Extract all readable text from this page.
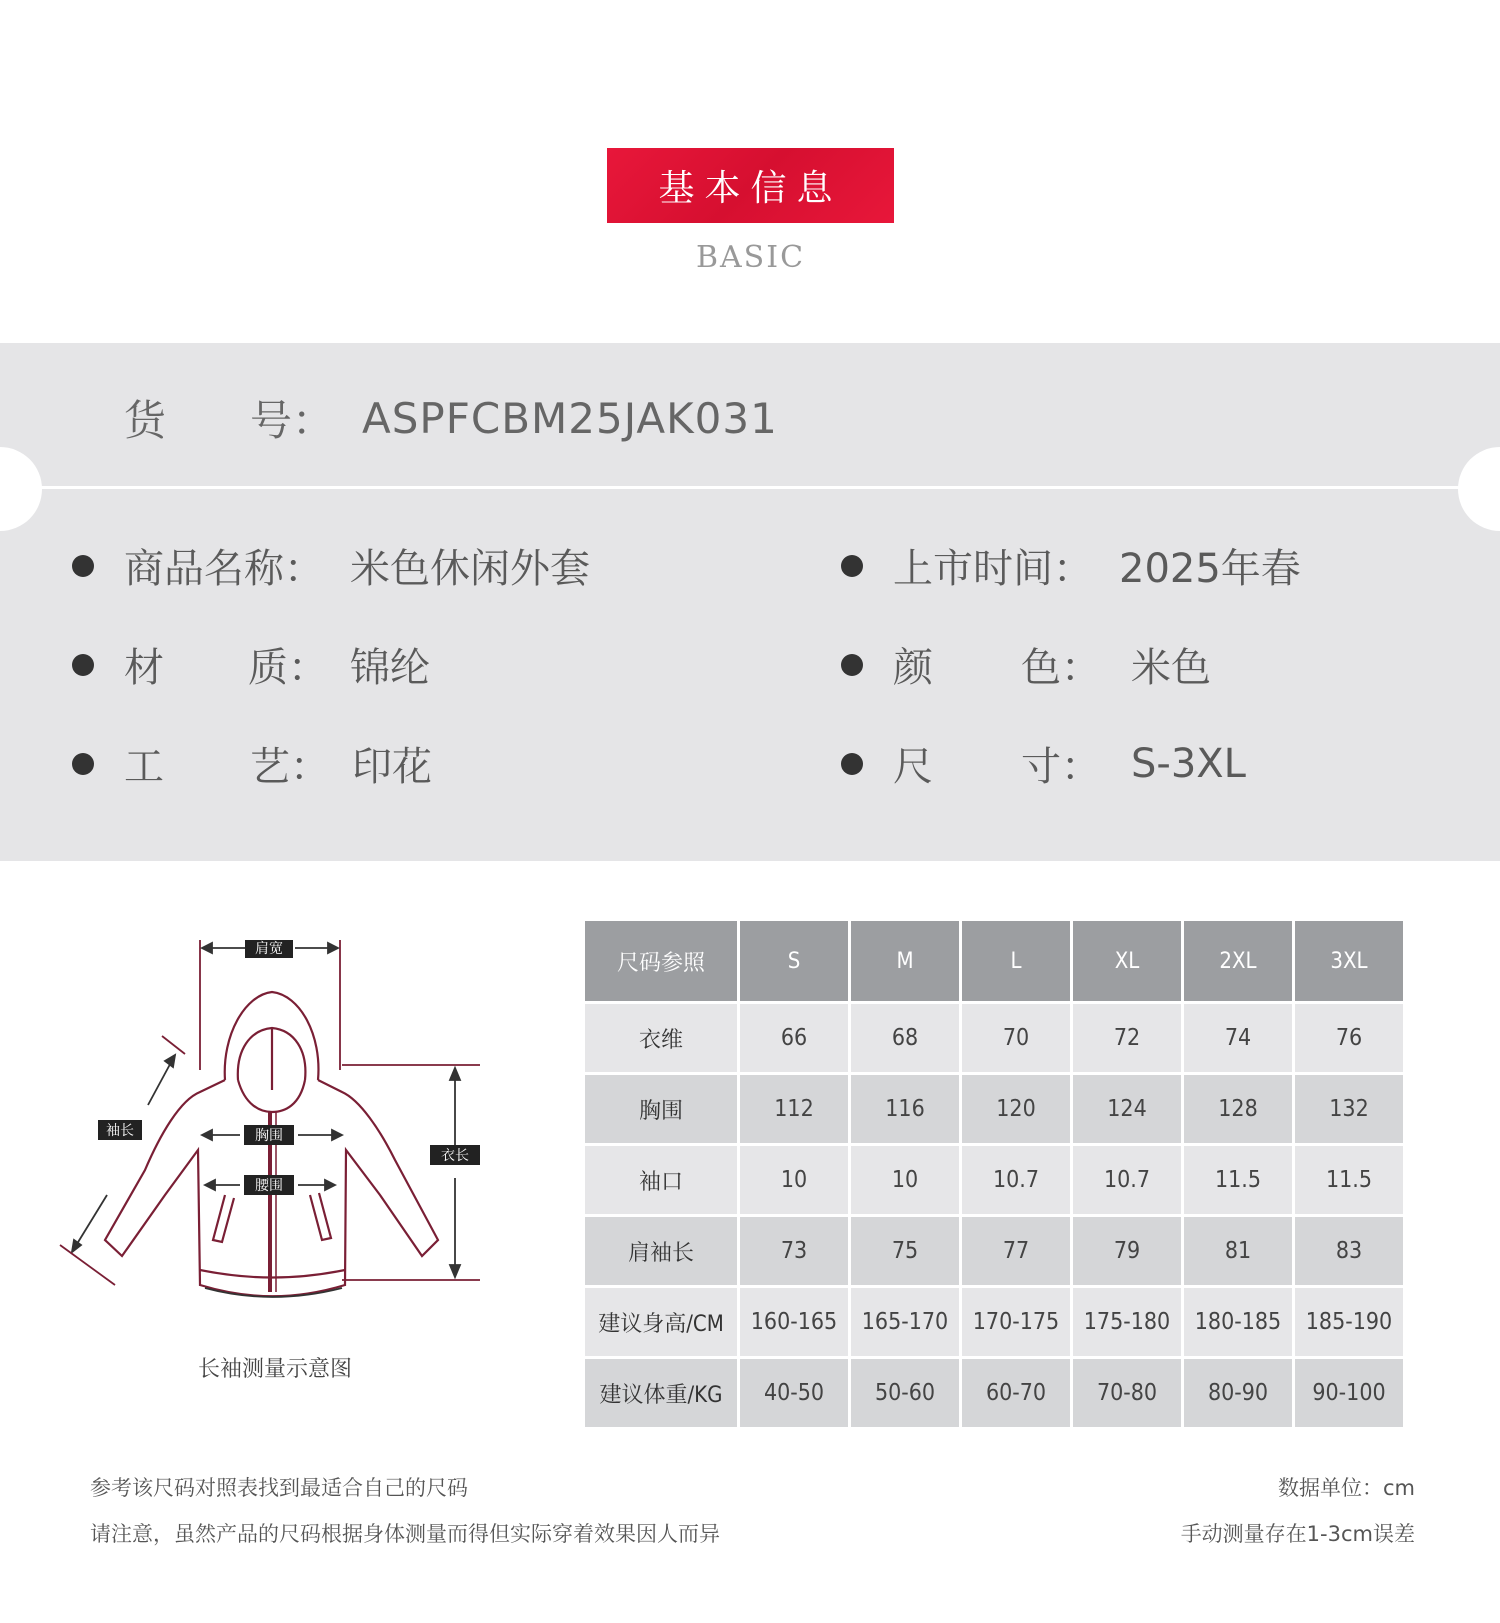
基本信息
BASIC
货	号： ASPFCBM25JAK031
商品名称： 米色休闲外套
材	质： 锦纶
工	艺： 印花
上市时间： 2025年春
颜	色： 米色
尺	寸： S-3XL
肩宽
袖长	胸围
腰围
衣长
长袖测量示意图
尺码参照	S	M	L	XL	2XL	3XL
衣维	66	68	70	72	74	76
胸围	112	116	120	124	128	132
袖口	10	10	10.7	10.7	11.5	11.5
肩袖长	73	75	77	79	81	83
建议身高/CM	160-165	165-170	170-175	175-180	180-185	185-190
建议体重/KG	40-50	50-60	60-70	70-80	80-90	90-100
参考该尺码对照表找到最适合自己的尺码
请注意，虽然产品的尺码根据身体测量而得但实际穿着效果因人而异
数据单位：cm
手动测量存在1-3cm误差
